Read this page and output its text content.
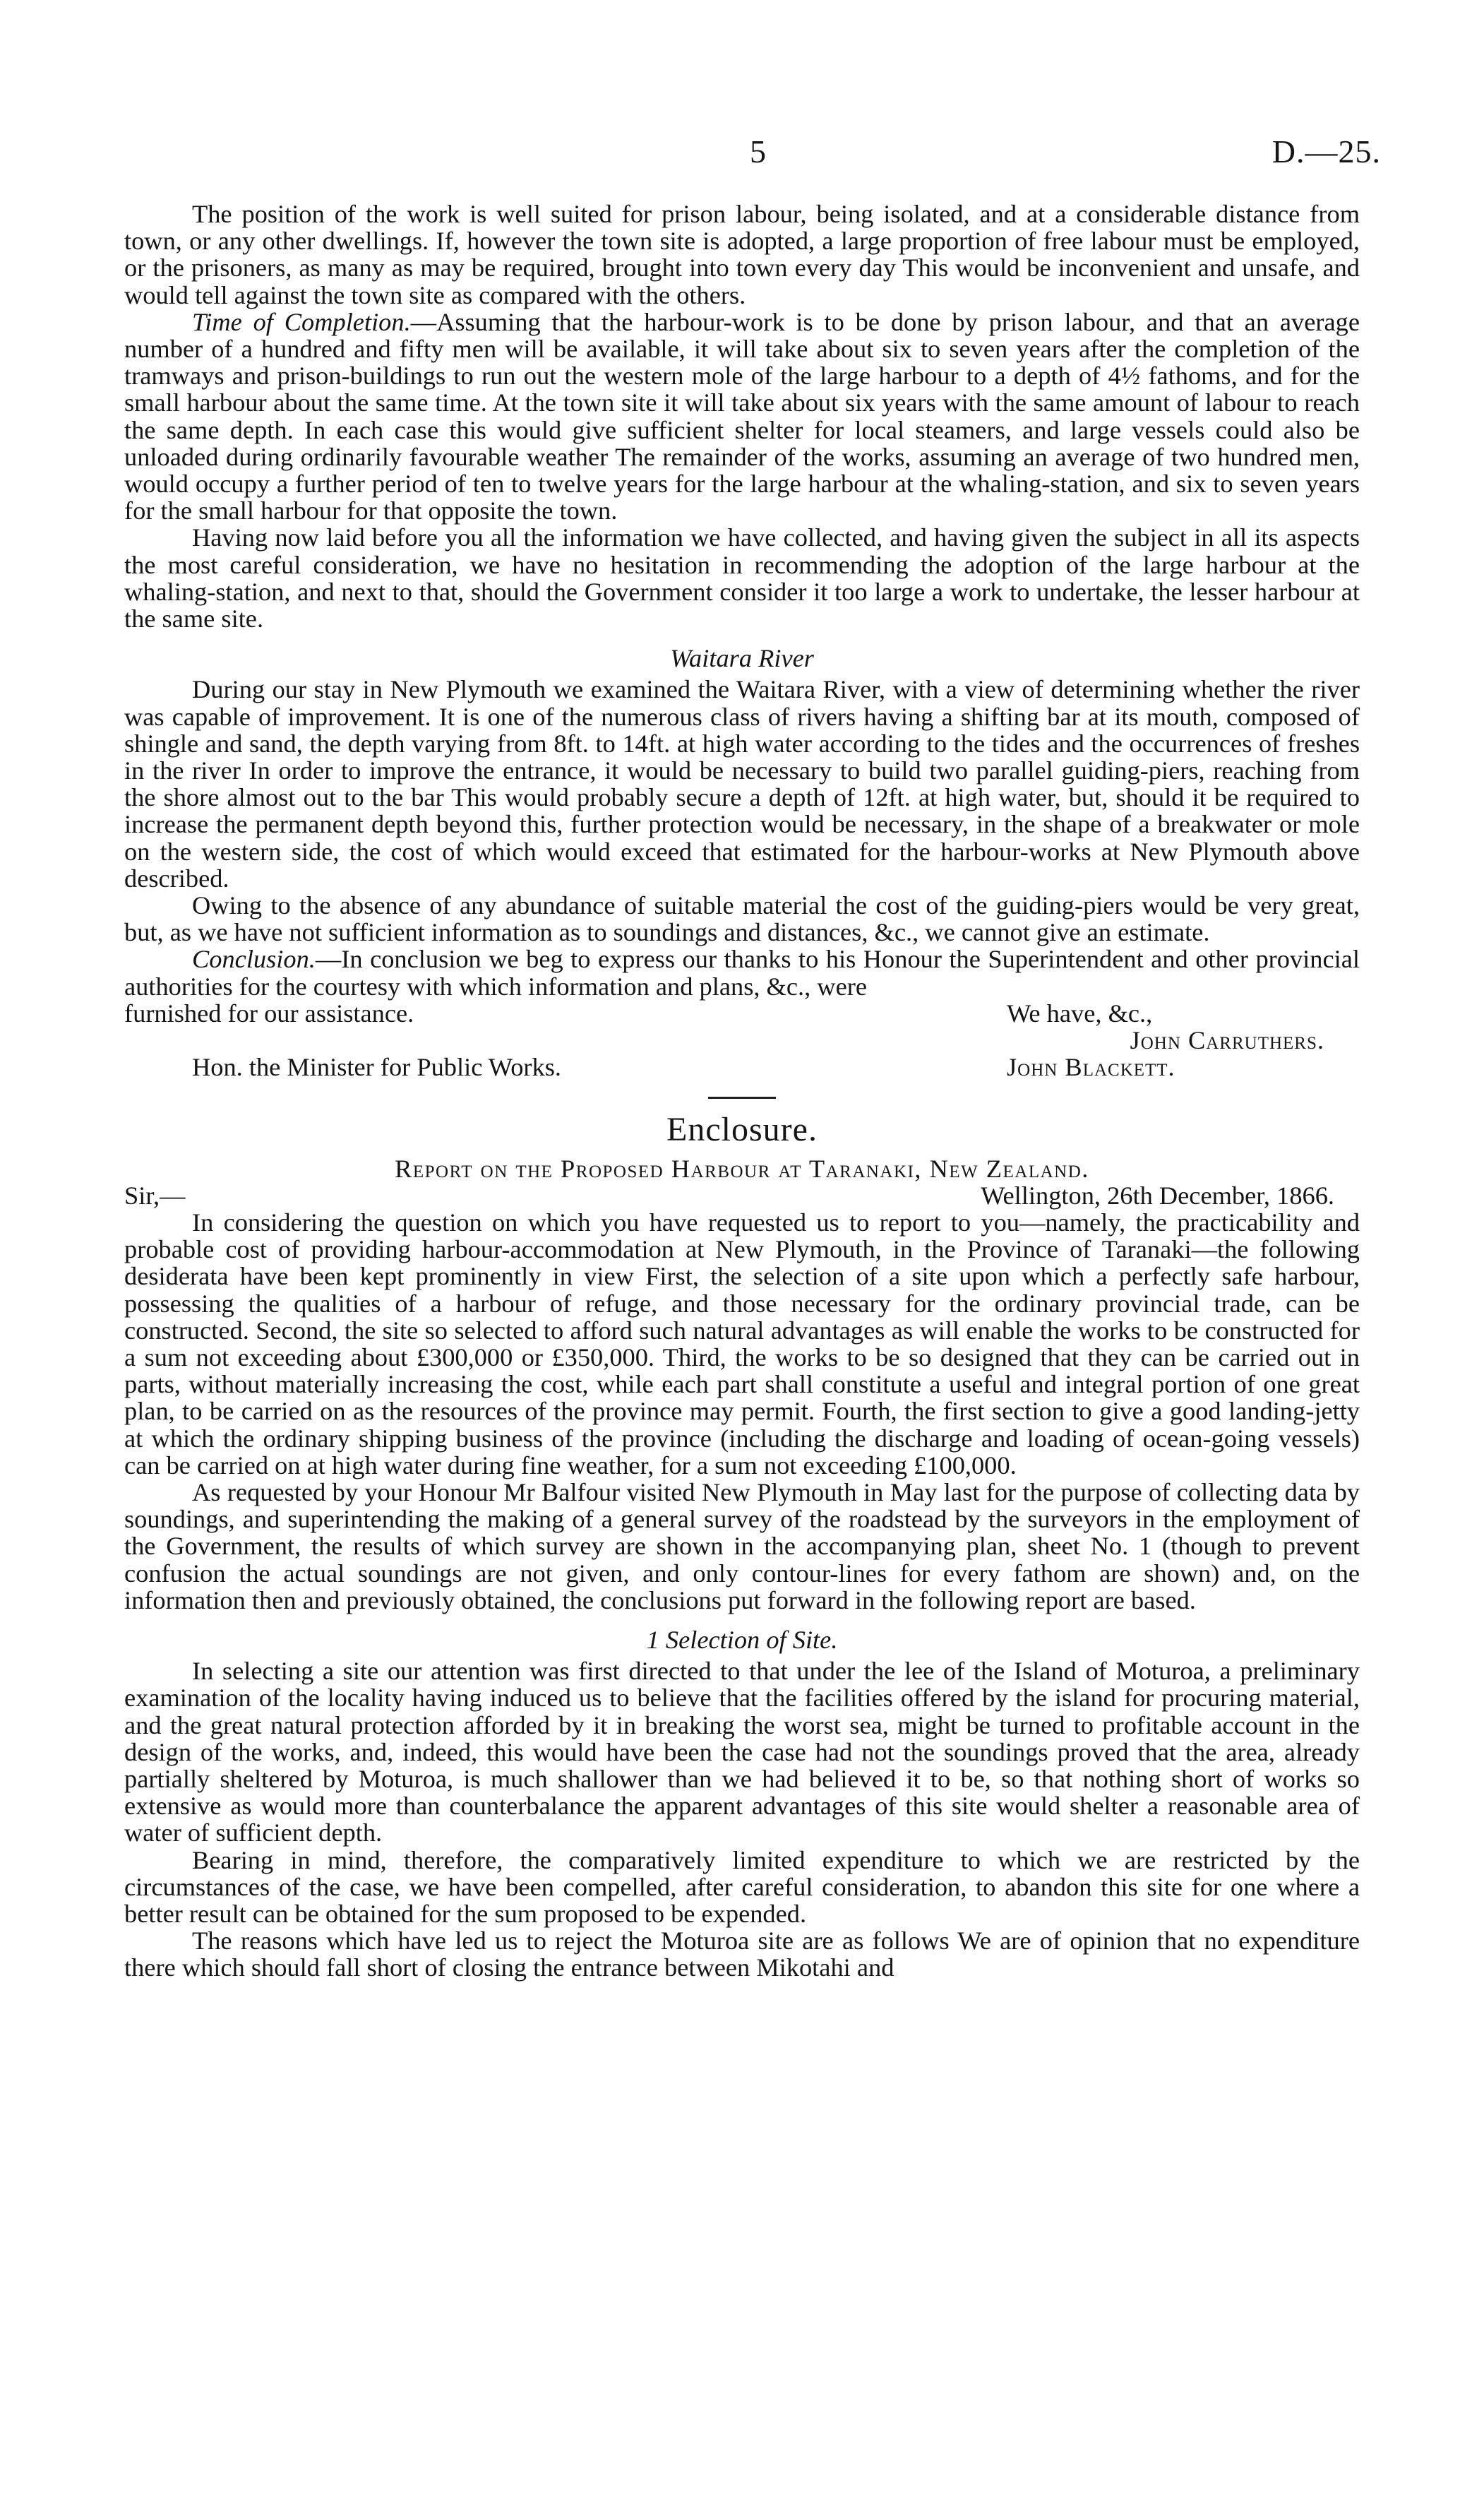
5	D.—25.

The position of the work is well suited for prison labour, being isolated, and at a considerable distance from town, or any other dwellings. If, however the town site is adopted, a large proportion of free labour must be employed, or the prisoners, as many as may be required, brought into town every day This would be inconvenient and unsafe, and would tell against the town site as compared with the others.

Time of Completion.—Assuming that the harbour-work is to be done by prison labour, and that an average number of a hundred and fifty men will be available, it will take about six to seven years after the completion of the tramways and prison-buildings to run out the western mole of the large harbour to a depth of 4½ fathoms, and for the small harbour about the same time. At the town site it will take about six years with the same amount of labour to reach the same depth. In each case this would give sufficient shelter for local steamers, and large vessels could also be unloaded during ordinarily favourable weather The remainder of the works, assuming an average of two hundred men, would occupy a further period of ten to twelve years for the large harbour at the whaling-station, and six to seven years for the small harbour for that opposite the town.

Having now laid before you all the information we have collected, and having given the subject in all its aspects the most careful consideration, we have no hesitation in recommending the adoption of the large harbour at the whaling-station, and next to that, should the Government consider it too large a work to undertake, the lesser harbour at the same site.

Waitara River

During our stay in New Plymouth we examined the Waitara River, with a view of determining whether the river was capable of improvement. It is one of the numerous class of rivers having a shifting bar at its mouth, composed of shingle and sand, the depth varying from 8ft. to 14ft. at high water according to the tides and the occurrences of freshes in the river In order to improve the entrance, it would be necessary to build two parallel guiding-piers, reaching from the shore almost out to the bar This would probably secure a depth of 12ft. at high water, but, should it be required to increase the permanent depth beyond this, further protection would be necessary, in the shape of a breakwater or mole on the western side, the cost of which would exceed that estimated for the harbour-works at New Plymouth above described.

Owing to the absence of any abundance of suitable material the cost of the guiding-piers would be very great, but, as we have not sufficient information as to soundings and distances, &c., we cannot give an estimate.

Conclusion.—In conclusion we beg to express our thanks to his Honour the Superintendent and other provincial authorities for the courtesy with which information and plans, &c., were

furnished for our assistance.	We have, &c.,
John Carruthers.
Hon. the Minister for Public Works.	John Blackett.
Enclosure.

Report on the Proposed Harbour at Taranaki, New Zealand.

Sir,—	Wellington, 26th December, 1866.

In considering the question on which you have requested us to report to you—namely, the practicability and probable cost of providing harbour-accommodation at New Plymouth, in the Province of Taranaki—the following desiderata have been kept prominently in view First, the selection of a site upon which a perfectly safe harbour, possessing the qualities of a harbour of refuge, and those necessary for the ordinary provincial trade, can be constructed. Second, the site so selected to afford such natural advantages as will enable the works to be constructed for a sum not exceeding about £300,000 or £350,000. Third, the works to be so designed that they can be carried out in parts, without materially increasing the cost, while each part shall constitute a useful and integral portion of one great plan, to be carried on as the resources of the province may permit. Fourth, the first section to give a good landing-jetty at which the ordinary shipping business of the province (including the discharge and loading of ocean-going vessels) can be carried on at high water during fine weather, for a sum not exceeding £100,000.

As requested by your Honour Mr Balfour visited New Plymouth in May last for the purpose of collecting data by soundings, and superintending the making of a general survey of the roadstead by the surveyors in the employment of the Government, the results of which survey are shown in the accompanying plan, sheet No. 1 (though to prevent confusion the actual soundings are not given, and only contour-lines for every fathom are shown) and, on the information then and previously obtained, the conclusions put forward in the following report are based.

1 Selection of Site.

In selecting a site our attention was first directed to that under the lee of the Island of Moturoa, a preliminary examination of the locality having induced us to believe that the facilities offered by the island for procuring material, and the great natural protection afforded by it in breaking the worst sea, might be turned to profitable account in the design of the works, and, indeed, this would have been the case had not the soundings proved that the area, already partially sheltered by Moturoa, is much shallower than we had believed it to be, so that nothing short of works so extensive as would more than counterbalance the apparent advantages of this site would shelter a reasonable area of water of sufficient depth.

Bearing in mind, therefore, the comparatively limited expenditure to which we are restricted by the circumstances of the case, we have been compelled, after careful consideration, to abandon this site for one where a better result can be obtained for the sum proposed to be expended.

The reasons which have led us to reject the Moturoa site are as follows We are of opinion that no expenditure there which should fall short of closing the entrance between Mikotahi and
